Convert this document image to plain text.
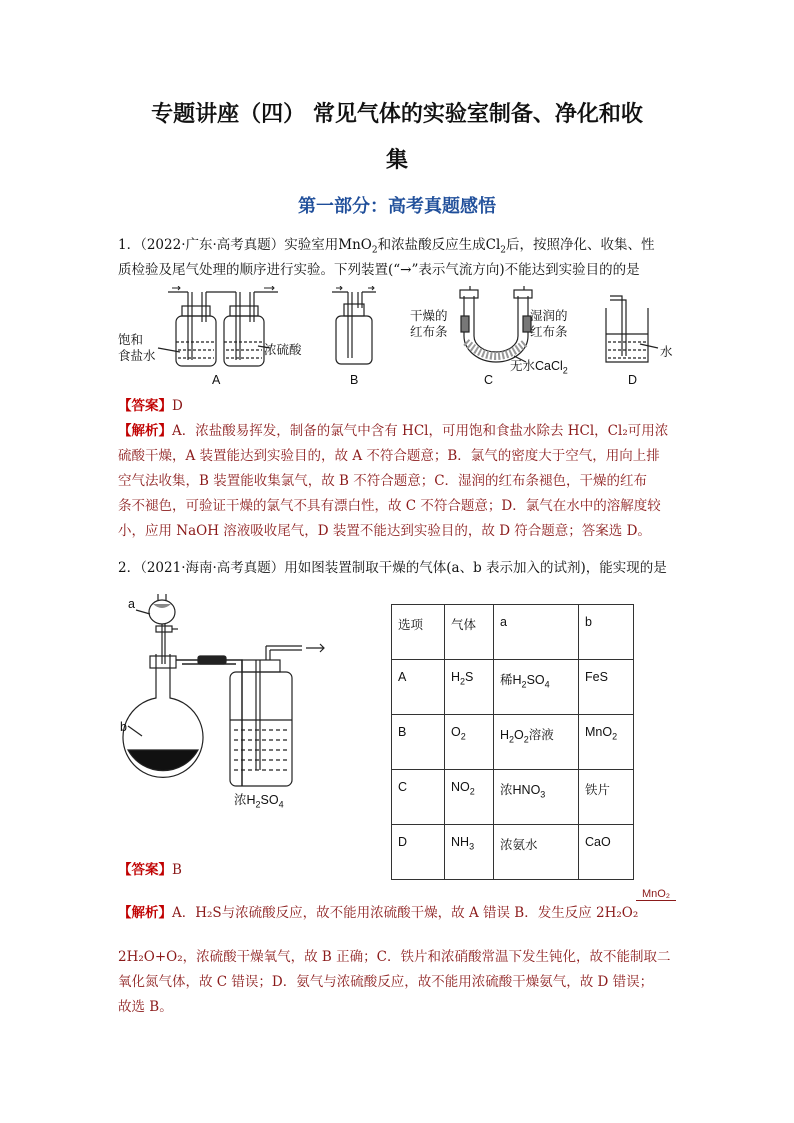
专题讲座（四） 常见气体的实验室制备、净化和收
集
第一部分：高考真题感悟
1．（2022·广东·高考真题）实验室用MnO$_2$和浓盐酸反应生成$Cl_2$后，按照净化、收集、性
质检验及尾气处理的顺序进行实验。下列装置(“→”表示气流方向)不能达到实验目的的是
饱和
食盐水	浓硫酸
干燥的
红布条
湿润的
红布条
无水CaCl$_2$
水
A	B	C	D
【答案】D
【解析】A．浓盐酸易挥发，制备的氯气中含有 HCl，可用饱和食盐水除去 HCl，Cl₂可用浓
硫酸干燥，A 装置能达到实验目的，故 A 不符合题意；B．氯气的密度大于空气，用向上排
空气法收集，B 装置能收集氯气，故 B 不符合题意；C．湿润的红布条褪色，干燥的红布
条不褪色，可验证干燥的氯气不具有漂白性，故 C 不符合题意；D．氯气在水中的溶解度较
小，应用 NaOH 溶液吸收尾气，D 装置不能达到实验目的，故 D 符合题意；答案选 D。
2．（2021·海南·高考真题）用如图装置制取干燥的气体(a、b 表示加入的试剂)，能实现的是
a
b
浓$H_2SO_4$
选项	气体	a	b
A	$H_2S$	稀$H_2SO_4$	FeS
B	$O_2$	$H_2O_2$溶液	MnO$_2$
C	$NO_2$	浓$HNO_3$	铁片
D	$NH_3$	浓氨水	CaO
【答案】B
【解析】A．H₂S与浓硫酸反应，故不能用浓硫酸干燥，故 A 错误 B．发生反应 2H₂O₂
MnO₂
2H₂O+O₂，浓硫酸干燥氧气，故 B 正确；C．铁片和浓硝酸常温下发生钝化，故不能制取二
氧化氮气体，故 C 错误；D．氨气与浓硫酸反应，故不能用浓硫酸干燥氨气，故 D 错误；
故选 B。
